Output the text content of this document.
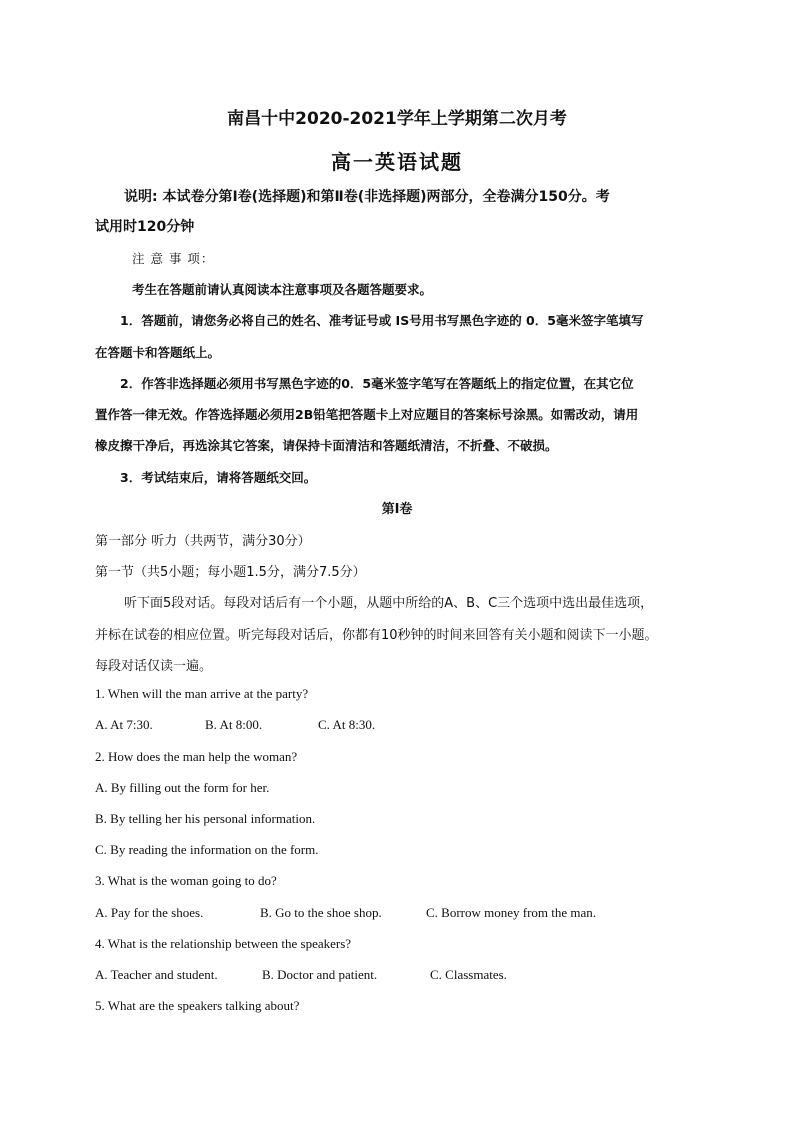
南昌十中2020-2021学年上学期第二次月考
高一英语试题
说明: 本试卷分第Ⅰ卷(选择题)和第Ⅱ卷(非选择题)两部分，全卷满分150分。考
试用时120分钟
注 意 事 项：
考生在答题前请认真阅读本注意事项及各题答题要求。
1．答题前，请您务必将自己的姓名、准考证号或 IS号用书写黑色字迹的 0．5毫米签字笔填写
在答题卡和答题纸上。
2．作答非选择题必须用书写黑色字迹的0．5毫米签字笔写在答题纸上的指定位置，在其它位
置作答一律无效。作答选择题必须用2B铅笔把答题卡上对应题目的答案标号涂黑。如需改动，请用
橡皮擦干净后，再选涂其它答案，请保持卡面清洁和答题纸清洁，不折叠、不破损。
3．考试结束后，请将答题纸交回。
第Ⅰ卷
第一部分 听力（共两节，满分30分）
第一节（共5小题；每小题1.5分，满分7.5分）
听下面5段对话。每段对话后有一个小题，从题中所给的A、B、C三个选项中选出最佳选项，
并标在试卷的相应位置。听完每段对话后，你都有10秒钟的时间来回答有关小题和阅读下一小题。
每段对话仅读一遍。
1. When will the man arrive at the party?
A. At 7:30.	B. At 8:00.	C. At 8:30.
2. How does the man help the woman?
A. By filling out the form for her.
B. By telling her his personal information.
C. By reading the information on the form.
3. What is the woman going to do?
A. Pay for the shoes.	B. Go to the shoe shop.	C. Borrow money from the man.
4. What is the relationship between the speakers?
A. Teacher and student.	B. Doctor and patient.	C. Classmates.
5. What are the speakers talking about?
